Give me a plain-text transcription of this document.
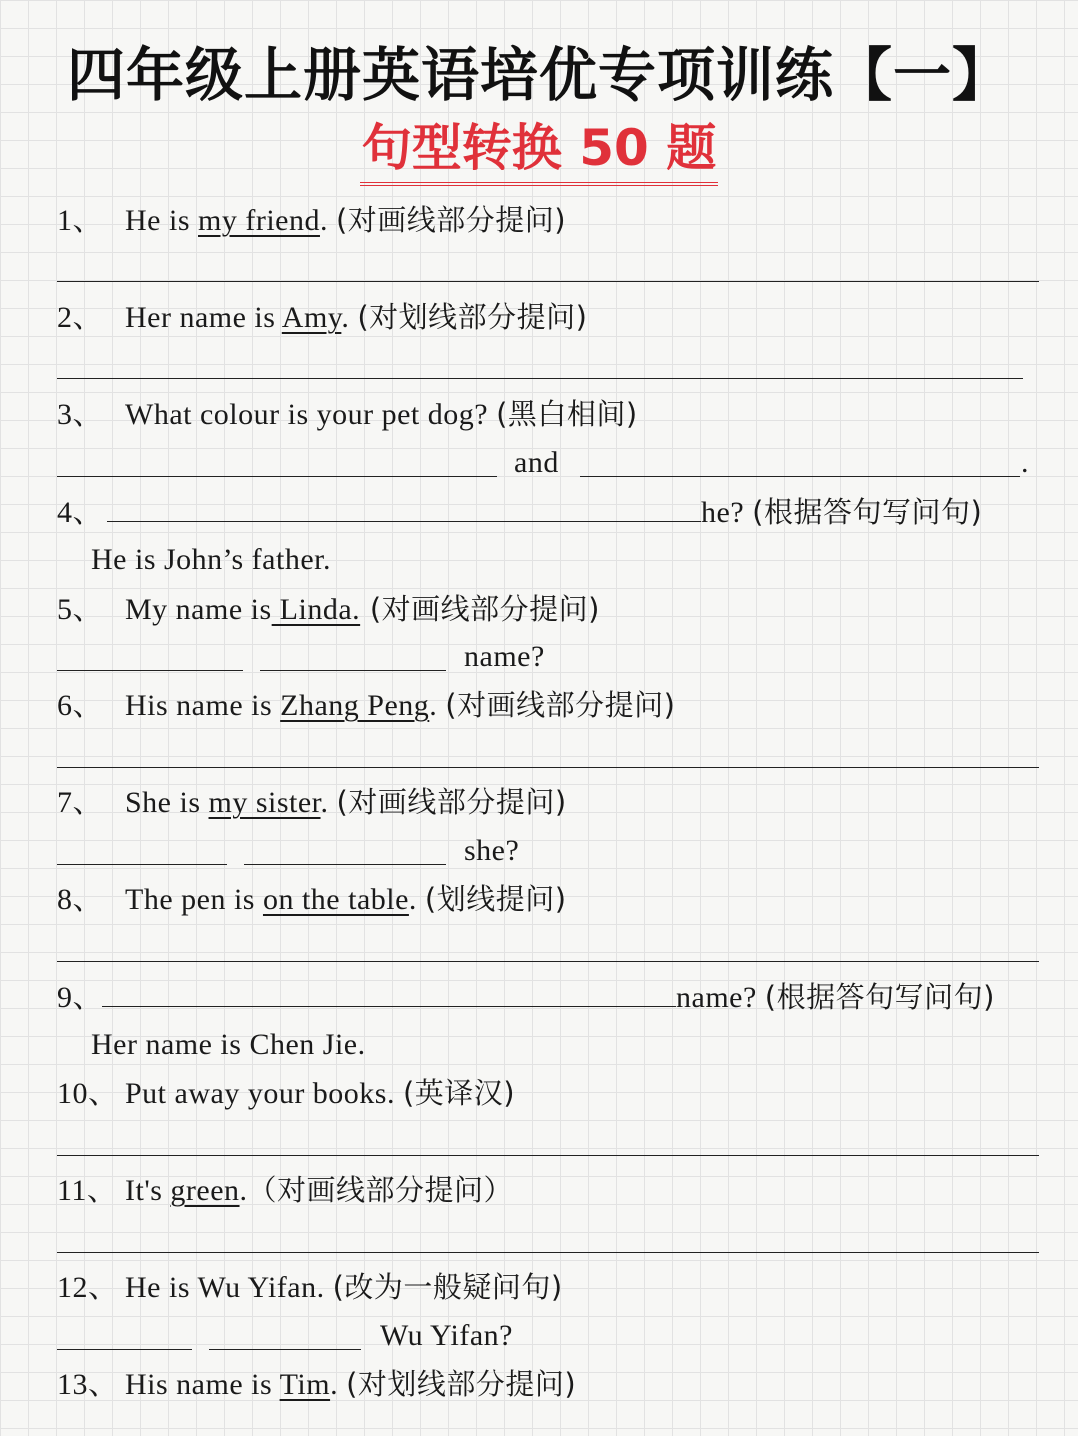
四年级上册英语培优专项训练【一】
句型转换 50 题
1、 He is my friend. (对画线部分提问)
2、 Her name is Amy. (对划线部分提问)
3、 What colour is your pet dog? (黑白相间)
and	.
4、	he? (根据答句写问句)
He is John’s father.
5、 My name is Linda. (对画线部分提问)
name?
6、 His name is Zhang Peng. (对画线部分提问)
7、 She is my sister. (对画线部分提问)
she?
8、 The pen is on the table. (划线提问)
9、	name? (根据答句写问句)
Her name is Chen Jie.
10、 Put away your books. (英译汉)
11、 It's green.（对画线部分提问）
12、 He is Wu Yifan. (改为一般疑问句)
Wu Yifan?
13、 His name is Tim. (对划线部分提问)
